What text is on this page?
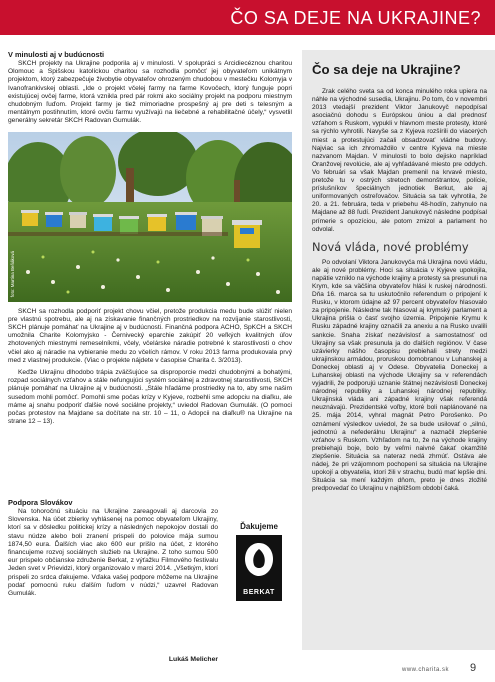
ČO SA DEJE NA UKRAJINE?
V minulosti aj v budúcnosti

SKCH projekty na Ukrajine podporila aj v minulosti. V spolupráci s Arcidiecéznou charitou Olomouc a Spišskou katolíckou charitou sa rozhodla pomôcť jej obyvateľom unikátnym projektom, ktorý zabezpečuje živobytie obyvateľov ohrozeným chudobou v mestečku Kolomyja v Ivanofrankivskej oblasti. „Ide o projekt včelej farmy na farme Kovočech, ktorý funguje popri existujúcej ovčej farme, ktorá vznikla pred pár rokmi ako sociálny projekt na podporu miestnym chudobným ľuďom. Projekt farmy je tiež mimoriadne prospešný aj pre deti s telesným a mentálnym postihnutím, ktoré ovčiu farmu využívajú na liečebné a rehabilitačné účely,“ vysvetlil generálny sekretár SKCH Radovan Gumulák.

foto: Martina Beňáková

SKCH sa rozhodla podporiť projekt chovu včiel, pretože produkcia medu bude slúžiť nielen pre vlastnú spotrebu, ale aj na získavanie finančných prostriedkov na rozvíjanie starostlivosti, SKCH plánuje pomáhať na Ukrajine aj v budúcnosti. Finančná podpora ACHO, SpKCH a SKCH umožnila Charite Kolomyjsko - Černivecký eparchie zakúpiť 20 veľkých kvalitných úľov zhotovených miestnymi remeselníkmi, včely, včelárske náradie potrebné k starostlivosti o chov včiel ako aj náradie na vybieranie medu zo včelích rámov. V roku 2013 farma produkovala prvý med z vlastnej produkcie. (Viac o projekte nájdete v časopise Charita č. 3/2013).

Keďže Ukrajinu dlhodobo trápia zväčšujúce sa disproporcie medzi chudobnými a bohatými, rozpad sociálnych vzťahov a stále nefungujúci systém sociálnej a zdravotnej starostlivosti, SKCH plánuje pomáhať na Ukrajine aj v budúcnosti. „Stále hľadáme prostriedky na to, aby sme našim susedom mohli pomôcť. Pomohli sme počas krízy v Kyjeve, rozbehli sme adopciu na diaľku, ale máme aj snahu podporiť ďalšie nové sociálne projekty,“ uviedol Radovan Gumulák. (O pomoci počas protestov na Majdane sa dočítate na str. 10 – 11, o Adopcii na diaľku® na Ukrajine na strane 12 – 13).

Podpora Slovákov

Na tohoročnú situáciu na Ukrajine zareagovali aj darcovia zo Slovenska. Na účet zbierky vyhlásenej na pomoc obyvateľom Ukrajiny, ktorí sa v dôsledku politickej krízy a následných nepokojov dostali do stavu núdze alebo boli zranení prispeli do polovice mája sumou 1874,50 eura. Ďalších viac ako 600 eur prišlo na účet, z ktorého financujeme rozvoj sociálnych služieb na Ukrajine. Z toho sumou 500 eur prispelo občianske združenie Berkat, z výťažku Filmového festivalu Jeden svet v Prievidzi, ktorý organizovalo v marci 2014. „Všetkým, ktorí prispeli zo srdca ďakujeme. Vďaka vašej podpore môžeme na Ukrajine podať pomocnú ruku ďalším ľuďom v núdzi,“ uzavrel Radovan Gumulák.

Lukáš Melicher
Ďakujeme
BERKAT
Čo sa deje na Ukrajine?

Zrak celého sveta sa od konca minulého roka upiera na náhle na východné susedia, Ukrajinu. Po tom, čo v novembri 2013 vtedajší prezident Viktor Janukovyč nepodpísal asociačnú dohodu s Európskou úniou a dal prednosť vzťahom s Ruskom, vypukli v hlavnom meste protesty, ktoré sa rýchlo vyhrotili. Navyše sa z Kyjeva rozšírili do viacerých miest a protestujúci začali obsadzovať vládne budovy. Najviac sa ich zhromaždilo v centre Kyjeva na mieste nazvanom Majdan. V minulosti to bolo dejisko napríklad Oranžovej revolúcie, ale aj vyhľadávané miesto pre oddych. Vo februári sa však Majdan premenil na krvavé miesto, pretože tu v ostrých stretoch demonštrantov, polície, príslušníkov špeciálnych jednotiek Berkut, ale aj uniformovaných ostreľovačov. Situácia sa tak vyhrotila, že 20. a 21. februára, teda v priebehu 48-hodín, zahynulo na Majdane až 88 ľudí. Prezident Janukovyč následne podpísal prímerie s opozíciou, ale potom zmizol a parlament ho odvolal.

Nová vláda, nové problémy

Po odvolaní Viktora Janukovyča má Ukrajina novú vládu, ale aj nové problémy. Hoci sa situácia v Kyjeve upokojila, napätie vzniklo na východe krajiny a protesty sa presunuli na Krym, kde sa väčšina obyvateľov hlási k ruskej národnosti. Dňa 16. marca sa tu uskutočnilo referendum o pripojení k Rusku, v ktorom údajne až 97 percent obyvateľov hlasovalo za pripojenie. Následne tak hlasoval aj krymský parlament a Ukrajina prišla o časť svojho územia. Pripojenie Krymu k Rusku západné krajiny označili za anexiu a na Rusko uvalili sankcie. Snaha získať nezávislosť a samostatnosť od Ukrajiny sa však presunula ja do ďalších regiónov. V čase uzávierky nášho časopisu prebiehali strety medzi ukrajinskou armádou, proruskou domobranou v Luhanskej a Doneckej oblasti aj v Odese. Obyvatelia Doneckej a Luhanskej oblasti na východe Ukrajiny sa v referendách vyjadrili, že podporujú uznanie štátnej nezávislosti Doneckej národnej republiky a Luhanskej národnej republiky. Ukrajinská vláda ani západné krajiny však referendá neuznávajú. Prezidentské voľby, ktoré boli naplánované na 25. mája 2014, vyhral magnát Petro Porošenko. Po oznámení výsledkov uviedol, že sa bude usilovať o „silnú, jednotnú a nefederálnu Ukrajinu“ a naznačil zlepšenie vzťahov s Ruskom. Vzhľadom na to, že na východe krajiny prebiehajú boje, bolo by veľmi naivné čakať okamžité zlepšenie. Situácia sa nateraz nedá zhrnúť. Ostáva ale nádej, že pri vzájomnom pochopení sa situácia na Ukrajine upokojí a obyvatelia, ktorí žili v strachu, budú mať lepšie dni. Situácia sa mení každým dňom, preto je dnes zložité predpovedať čo Ukrajinu v najbližšom období čaká.

www.charita.sk 9
